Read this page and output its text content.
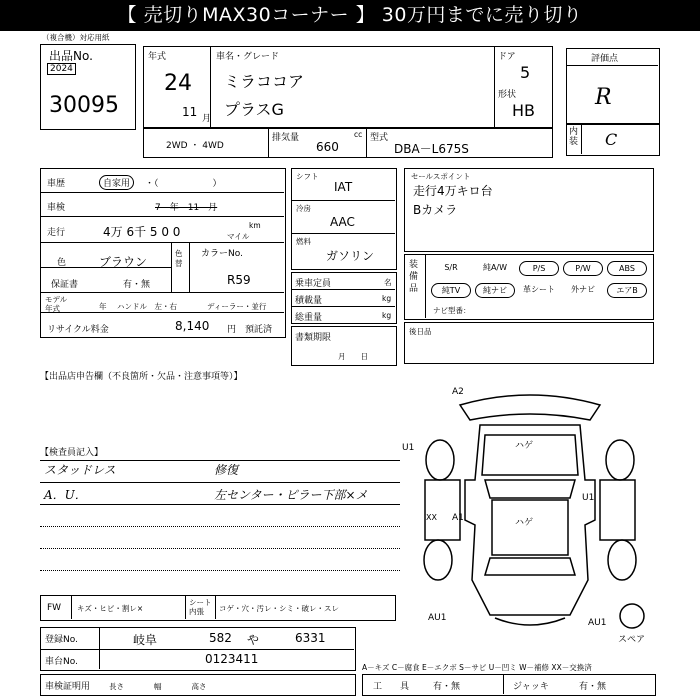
【 売切りMAX30コーナー 】 30万円までに売り切り
（複合機）対応用紙
出品No.
2024
30095
年式
24
11 月
車名・グレード
ミラココア
プラスG
ドア
5
形状
HB
2WD ・ 4WD
排気量	cc
660
型式
DBA－L675S
評価点
R
内装 C
車歴	自家用	・（　　　　　　）
車検	7　年　11　月
走行	4万 6千 5 0 0	km
マイル
色	ブラウン
色替
カラーNo.
R59
保証書	有・無
モデル年式	年 ハンドル　左・右	ディーラー・並行
リサイクル料金	8,140 円 預託済
シフト
IAT
冷房
AAC
燃料
ガソリン
乗車定員	名
積載量	kg
総重量	kg
書類期限
月　　日
セールスポイント
走行4万キロ台
Bカメラ
装備品
ナビ型番：
S/R	純A/W	P/S	P/W	ABS
純TV	純ナビ	革シート	外ナビ	エアB
後日品
【出品店申告欄（不良箇所・欠品・注意事項等）】
【検査員記入】
スタッドレス	修復
A．U．	左センター・ピラー下部×メ
A2
ハゲ
ハゲ
A1
U1
U1
AU1	AU1
XX
スペア
FW キズ・ヒビ・割レ×
シート内張	コゲ・穴・汚レ・シミ・破レ・スレ
登録No.	岐阜	582 や	6331
車台No.	0123411
車検証明用	長さ　　　　幅　　　　高さ
A－キズ C－腐食 E－エクボ S－サビ U－凹ミ W－補修 XX－交換済
工　　具	有・無	ジャッキ	有・無
